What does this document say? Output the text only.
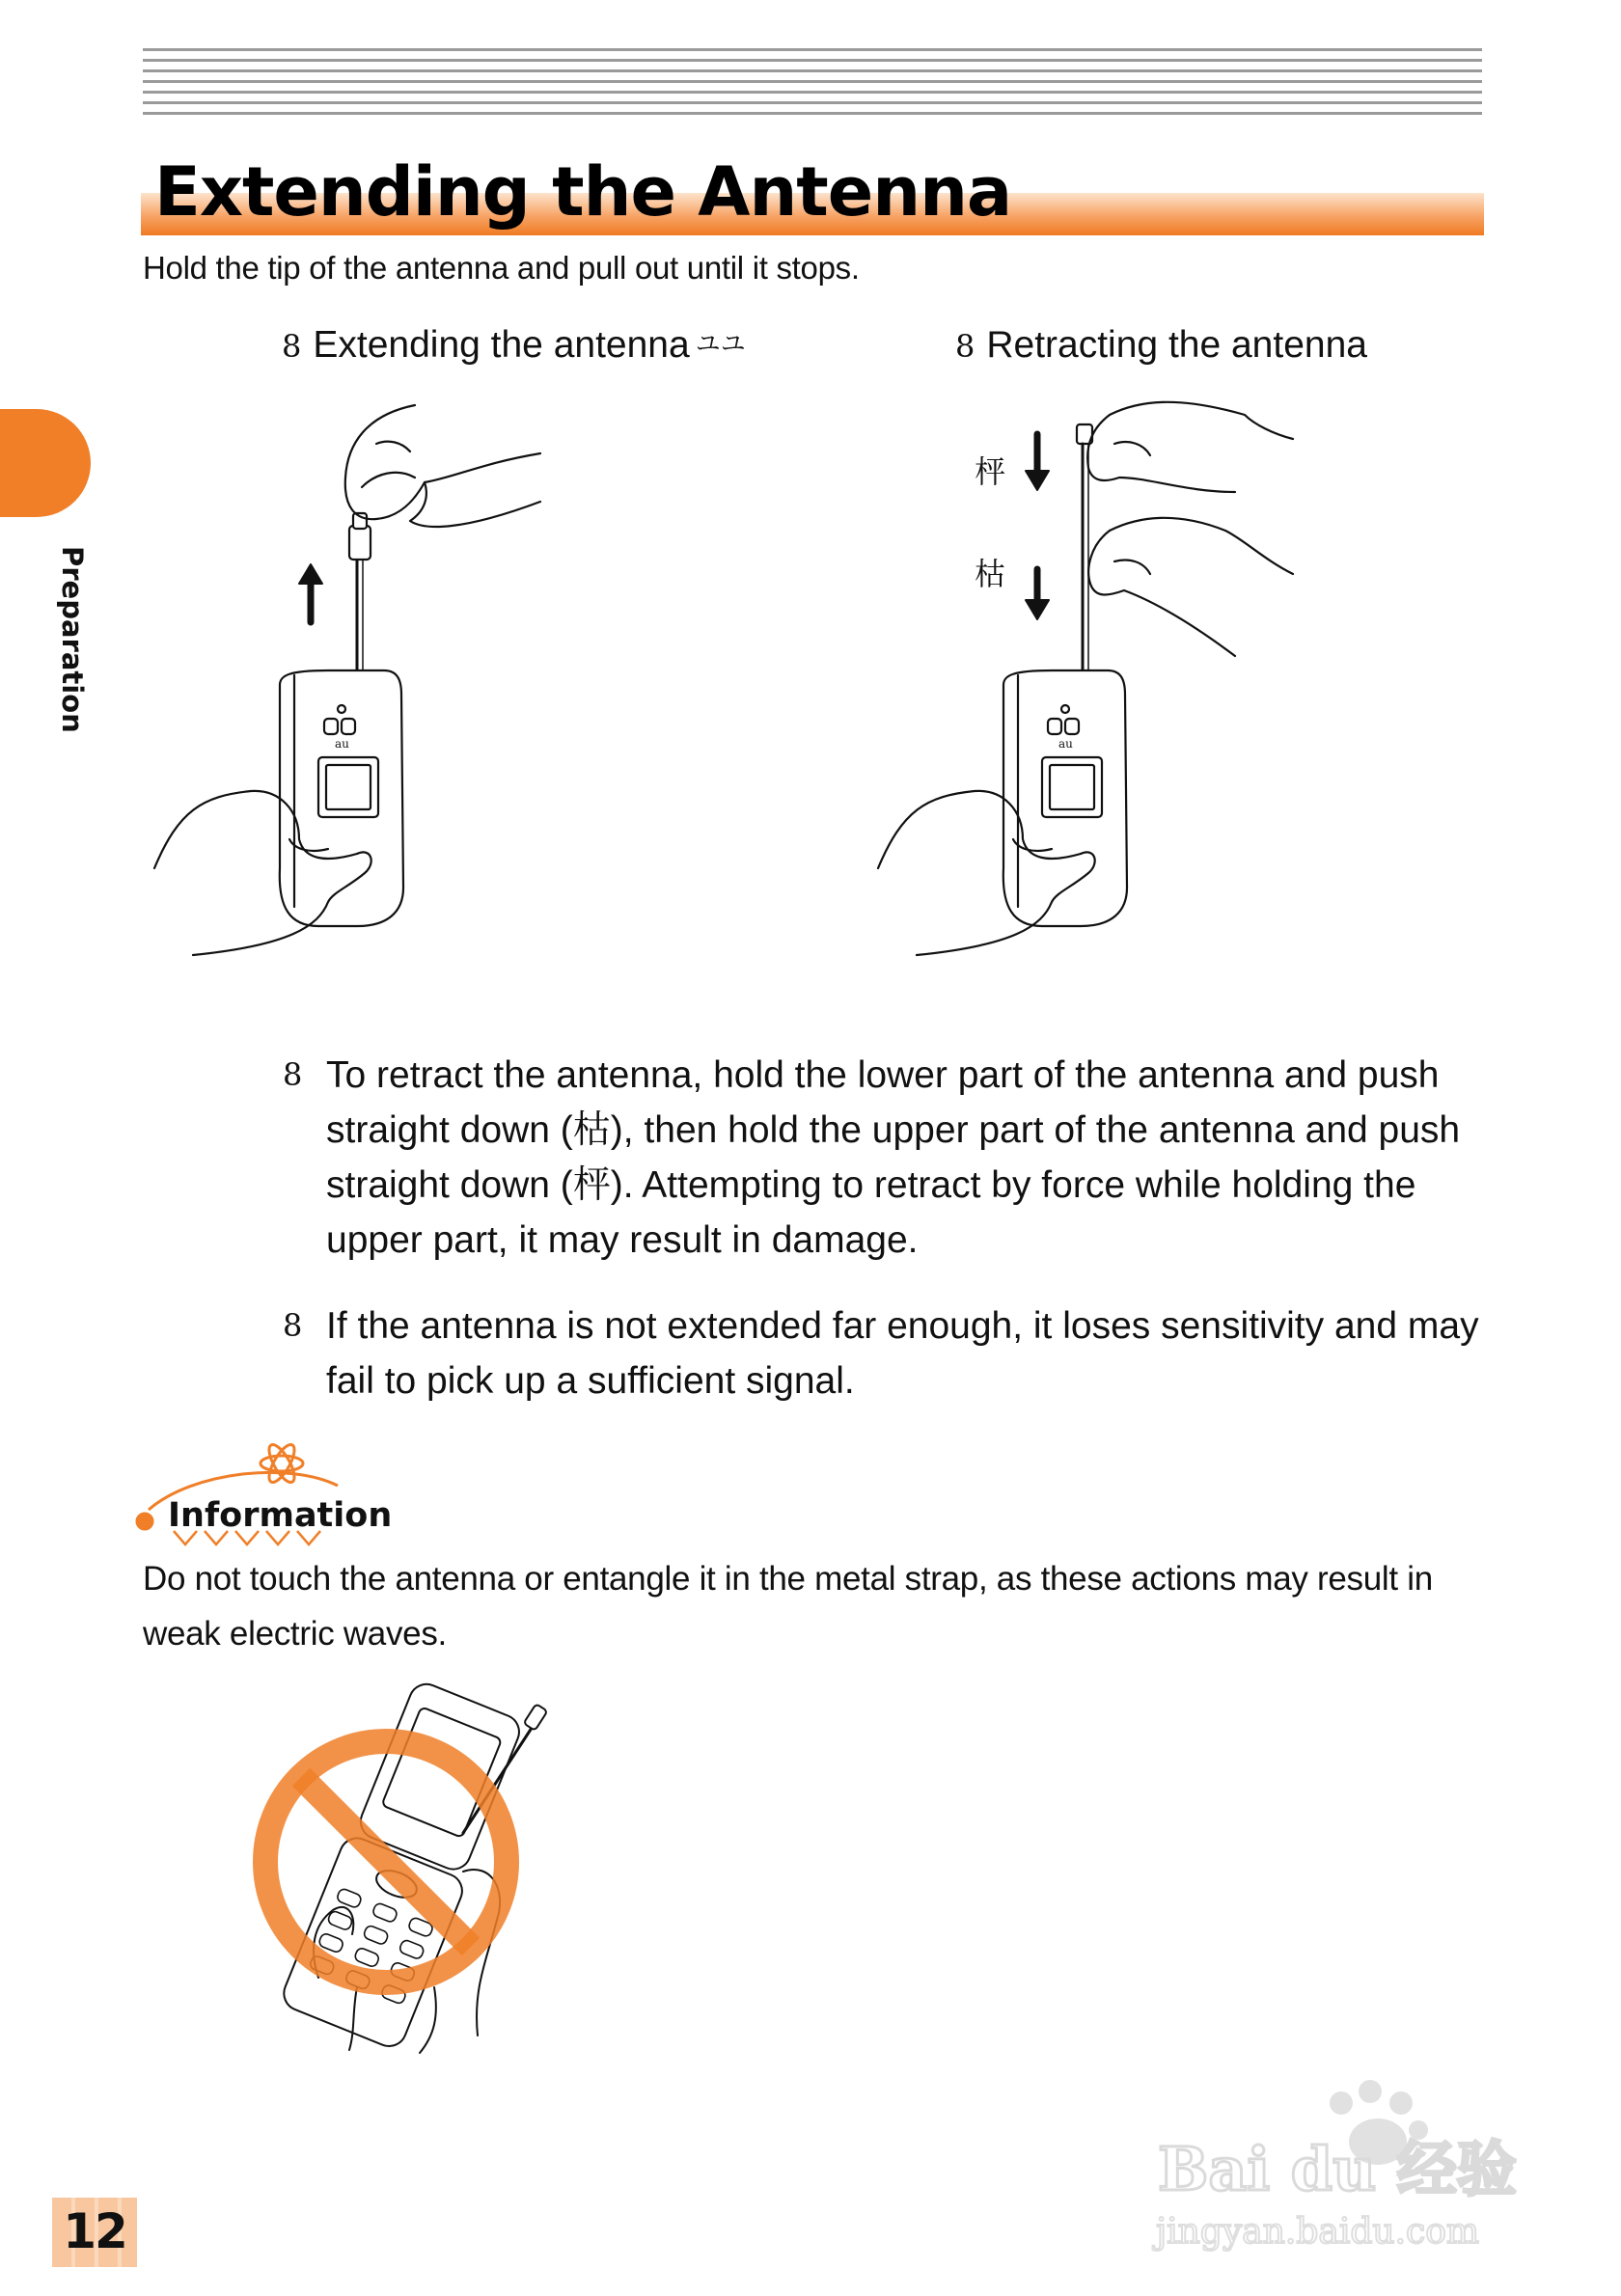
Extending the Antenna
Hold the tip of the antenna and pull out until it stops.
Preparation
8 Extending the antenna $^{ユユ}$	8 Retracting the antenna
au
枰
枯
au
8 To retract the antenna, hold the lower part of the antenna and push straight down (枯), then hold the upper part of the antenna and push straight down (枰). Attempting to retract by force while holding the upper part, it may result in damage.
8 If the antenna is not extended far enough, it loses sensitivity and may fail to pick up a sufficient signal.
Information
Do not touch the antenna or entangle it in the metal strap, as these actions may result in weak electric waves.
12
Bai du 经验
jingyan.baidu.com
